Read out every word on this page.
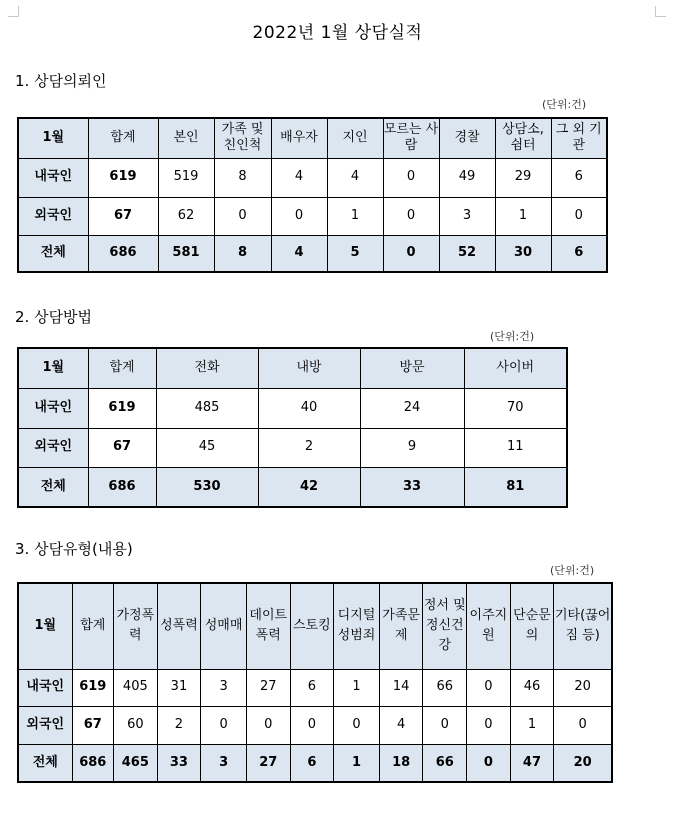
2022년 1월 상담실적
1. 상담의뢰인
(단위:건)
1월	합계	본인	가족 및 친인척	배우자	지인	모르는 사람	경찰	상담소, 쉼터	그 외 기관
내국인	619	519	8	4	4	0	49	29	6
외국인	67	62	0	0	1	0	3	1	0
전체	686	581	8	4	5	0	52	30	6
2. 상담방법
(단위:건)
1월	합계	전화	내방	방문	사이버
내국인	619	485	40	24	70
외국인	67	45	2	9	11
전체	686	530	42	33	81
3. 상담유형(내용)
(단위:건)
1월	합계	가정폭력	성폭력	성매매	데이트폭력	스토킹	디지털성범죄	가족문제	정서 및 정신건강	이주지원	단순문의	기타(끊어짐 등)
내국인	619	405	31	3	27	6	1	14	66	0	46	20
외국인	67	60	2	0	0	0	0	4	0	0	1	0
전체	686	465	33	3	27	6	1	18	66	0	47	20
